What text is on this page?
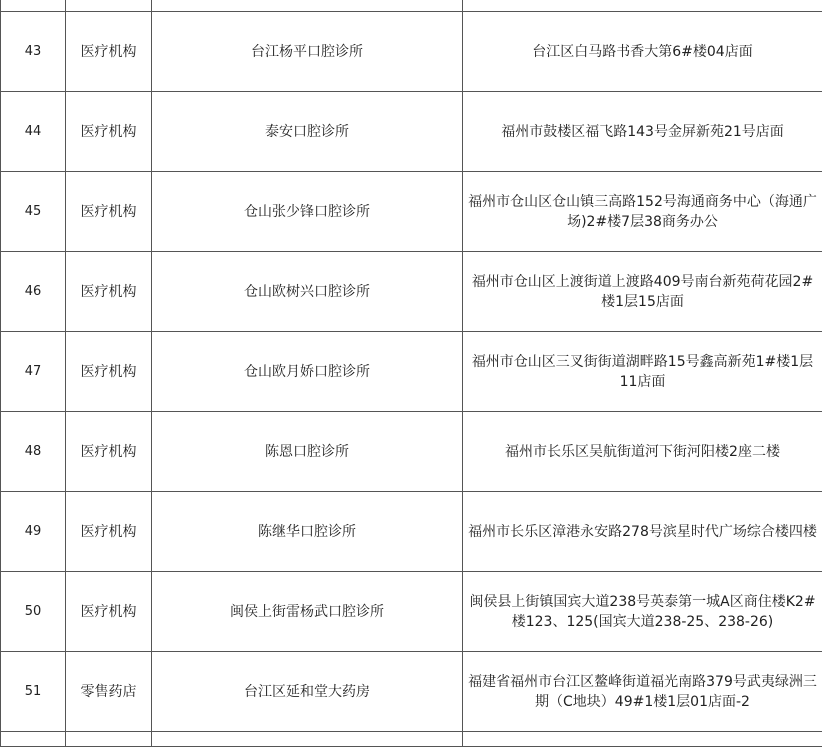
43	医疗机构	台江杨平口腔诊所	台江区白马路书香大第6#楼04店面
44	医疗机构	泰安口腔诊所	福州市鼓楼区福飞路143号金屏新苑21号店面
45	医疗机构	仓山张少锋口腔诊所	福州市仓山区仓山镇三高路152号海通商务中心（海通广场)2#楼7层38商务办公
46	医疗机构	仓山欧树兴口腔诊所	福州市仓山区上渡街道上渡路409号南台新苑荷花园2#楼1层15店面
47	医疗机构	仓山欧月娇口腔诊所	福州市仓山区三叉街街道湖畔路15号鑫高新苑1#楼1层11店面
48	医疗机构	陈恩口腔诊所	福州市长乐区吴航街道河下街河阳楼2座二楼
49	医疗机构	陈继华口腔诊所	福州市长乐区漳港永安路278号滨星时代广场综合楼四楼
50	医疗机构	闽侯上街雷杨武口腔诊所	闽侯县上街镇国宾大道238号英泰第一城A区商住楼K2#楼123、125(国宾大道238-25、238-26)
51	零售药店	台江区延和堂大药房	福建省福州市台江区鳌峰街道福光南路379号武夷绿洲三期（C地块）49#1楼1层01店面-2
